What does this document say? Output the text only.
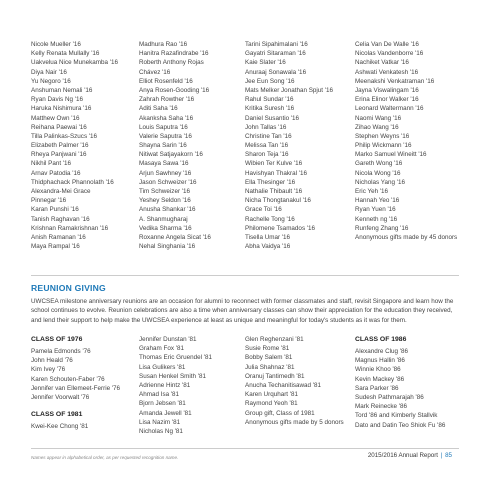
Nicole Mueller '16
Kelly Renata Mullally '16
Uakvelua Nice Munekamba '16
Diya Nair '16
Yu Negoro '16
Anshuman Nemali '16
Ryan Davis Ng '16
Haruka Nishimura '16
Matthew Own '16
Reihana Paewai '16
Tilla Palinkas-Szucs '16
Elizabeth Palmer '16
Rheya Panjwani '16
Nikhil Pant '16
Arnav Patodia '16
Thidphachack Phannolath '16
Alexandra-Mei Grace
Pinnegar '16
Karan Punshi '16
Tanish Raghavan '16
Krishnan Ramakrishnan '16
Anish Ramanan '16
Maya Rampal '16
Madhura Rao '16
Hanitra Razafindrabe '16
Roberth Anthony Rojas
Chávez '16
Elliot Rosenfeld '16
Anya Rosen-Gooding '16
Zahrah Rowther '16
Aditi Saha '16
Akanksha Saha '16
Louis Saputra '16
Valerie Saputra '16
Shayna Sarin '16
Nitiwat Satjayakorn '16
Masaya Sawa '16
Arjun Sawhney '16
Jason Schweizer '16
Tim Schweizer '16
Yeshey Seldon '16
Anusha Shankar '16
A. Shanmugharaj
Vedika Sharma '16
Roxanne Angela Sicat '16
Nehal Singhania '16
Tarini Sipahimalani '16
Gayatri Sitaraman '16
Kaie Slater '16
Anuraaj Sonawala '16
Jee Eun Song '16
Mats Melker Jonathan Spjut '16
Rahul Sundar '16
Kritika Suresh '16
Daniel Susantio '16
John Tallas '16
Christine Tan '16
Melissa Tan '16
Sharon Teja '16
Wibien Ter Kulve '16
Havishyan Thakral '16
Ella Thesinger '16
Nathalie Thibault '16
Nicha Thongtanakul '16
Grace Toi '16
Rachelle Tong '16
Philomene Tsamados '16
Tisella Umar '16
Abha Vaidya '16
Celia Van De Walle '16
Nicolas Vandenborre '16
Nachiket Vatkar '16
Ashwati Venkatesh '16
Meenakshi Venkatraman '16
Jayna Viswalingam '16
Erina Elinor Walker '16
Leonard Waltermann '16
Naomi Wang '16
Zihao Wang '16
Stephen Weyns '16
Philip Wickmann '16
Marko Samuel Wineitt '16
Gareth Wong '16
Nicola Wong '16
Nicholas Yang '16
Eric Yeh '16
Hannah Yeo '16
Ryan Yuen '16
Kenneth ng '16
Runfeng Zhang '16
Anonymous gifts made by 45 donors
REUNION GIVING
UWCSEA milestone anniversary reunions are an occasion for alumni to reconnect with former classmates and staff, revisit Singapore and learn how the school continues to evolve. Reunion celebrations are also a time when anniversary classes can show their appreciation for the education they received, and lend their support to help make the UWCSEA experience at least as unique and meaningful for today's students as it was for them.
CLASS OF 1976
Pamela Edmonds '76
John Heald '76
Kim Ivey '76
Karen Schouten-Faber '76
Jennifer van Ellemeet-Ferrie '76
Jennifer Voorwalt '76
CLASS OF 1981
Kwei-Kee Chong '81
Jennifer Dunstan '81
Graham Fox '81
Thomas Eric Gruendel '81
Lisa Gulikers '81
Susan Henkel Smith '81
Adrienne Hintz '81
Ahmad Isa '81
Bjorn Jebsen '81
Amanda Jewell '81
Lisa Nazim '81
Nicholas Ng '81
Glen Reghenzani '81
Susie Rome '81
Bobby Salem '81
Julia Shahnaz '81
Oranuj Tantimedh '81
Anucha Techanitisawad '81
Karen Urquhart '81
Raymond Yeoh '81
Group gift, Class of 1981
Anonymous gifts made by 5 donors
CLASS OF 1986
Alexandre Clug '86
Magnus Hallin '86
Winnie Khoo '86
Kevin Mackey '86
Sara Parker '86
Sudesh Pathmarajah '86
Mark Reinecke '86
Tord '86 and Kimberly Stallvik
Dato and Datin Teo Shiok Fu '86
Names appear in alphabetical order, as per requested recognition name.	2015/2016 Annual Report | 85
